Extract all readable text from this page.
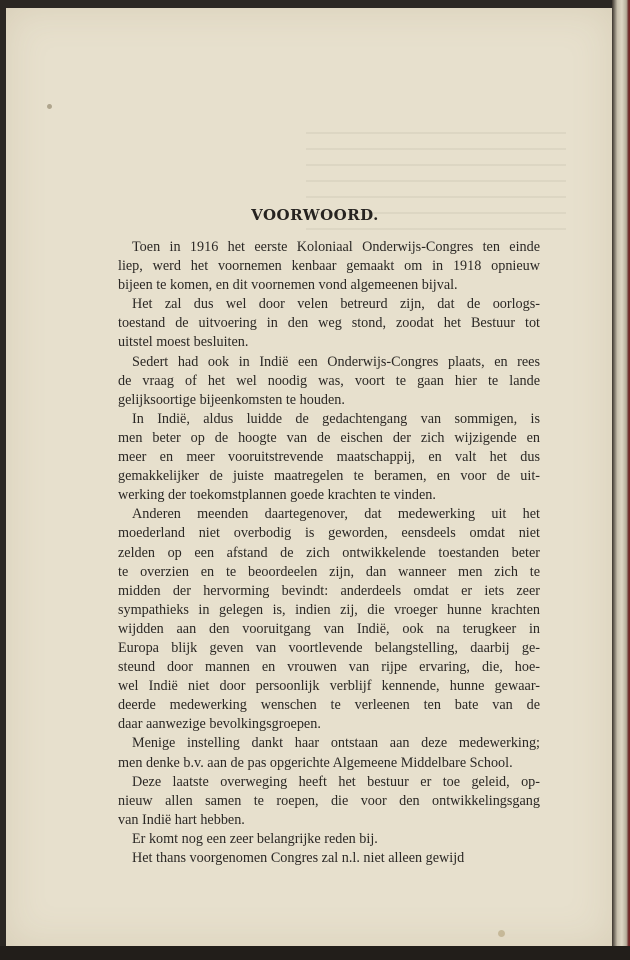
VOORWOORD.

Toen in 1916 het eerste Koloniaal Onderwijs-Congres ten einde
liep, werd het voornemen kenbaar gemaakt om in 1918 opnieuw
bijeen te komen, en dit voornemen vond algemeenen bijval.

Het zal dus wel door velen betreurd zijn, dat de oorlogs-
toestand de uitvoering in den weg stond, zoodat het Bestuur tot
uitstel moest besluiten.

Sedert had ook in Indië een Onderwijs-Congres plaats, en rees
de vraag of het wel noodig was, voort te gaan hier te lande
gelijksoortige bijeenkomsten te houden.

In Indië, aldus luidde de gedachtengang van sommigen, is
men beter op de hoogte van de eischen der zich wijzigende en
meer en meer vooruitstrevende maatschappij, en valt het dus
gemakkelijker de juiste maatregelen te beramen, en voor de uit-
werking der toekomstplannen goede krachten te vinden.

Anderen meenden daartegenover, dat medewerking uit het
moederland niet overbodig is geworden, eensdeels omdat niet
zelden op een afstand de zich ontwikkelende toestanden beter
te overzien en te beoordeelen zijn, dan wanneer men zich te
midden der hervorming bevindt: anderdeels omdat er iets zeer
sympathieks in gelegen is, indien zij, die vroeger hunne krachten
wijdden aan den vooruitgang van Indië, ook na terugkeer in
Europa blijk geven van voortlevende belangstelling, daarbij ge-
steund door mannen en vrouwen van rijpe ervaring, die, hoe-
wel Indië niet door persoonlijk verblijf kennende, hunne gewaar-
deerde medewerking wenschen te verleenen ten bate van de
daar aanwezige bevolkingsgroepen.

Menige instelling dankt haar ontstaan aan deze medewerking;
men denke b.v. aan de pas opgerichte Algemeene Middelbare School.

Deze laatste overweging heeft het bestuur er toe geleid, op-
nieuw allen samen te roepen, die voor den ontwikkelingsgang
van Indië hart hebben.

Er komt nog een zeer belangrijke reden bij.

Het thans voorgenomen Congres zal n.l. niet alleen gewijd
